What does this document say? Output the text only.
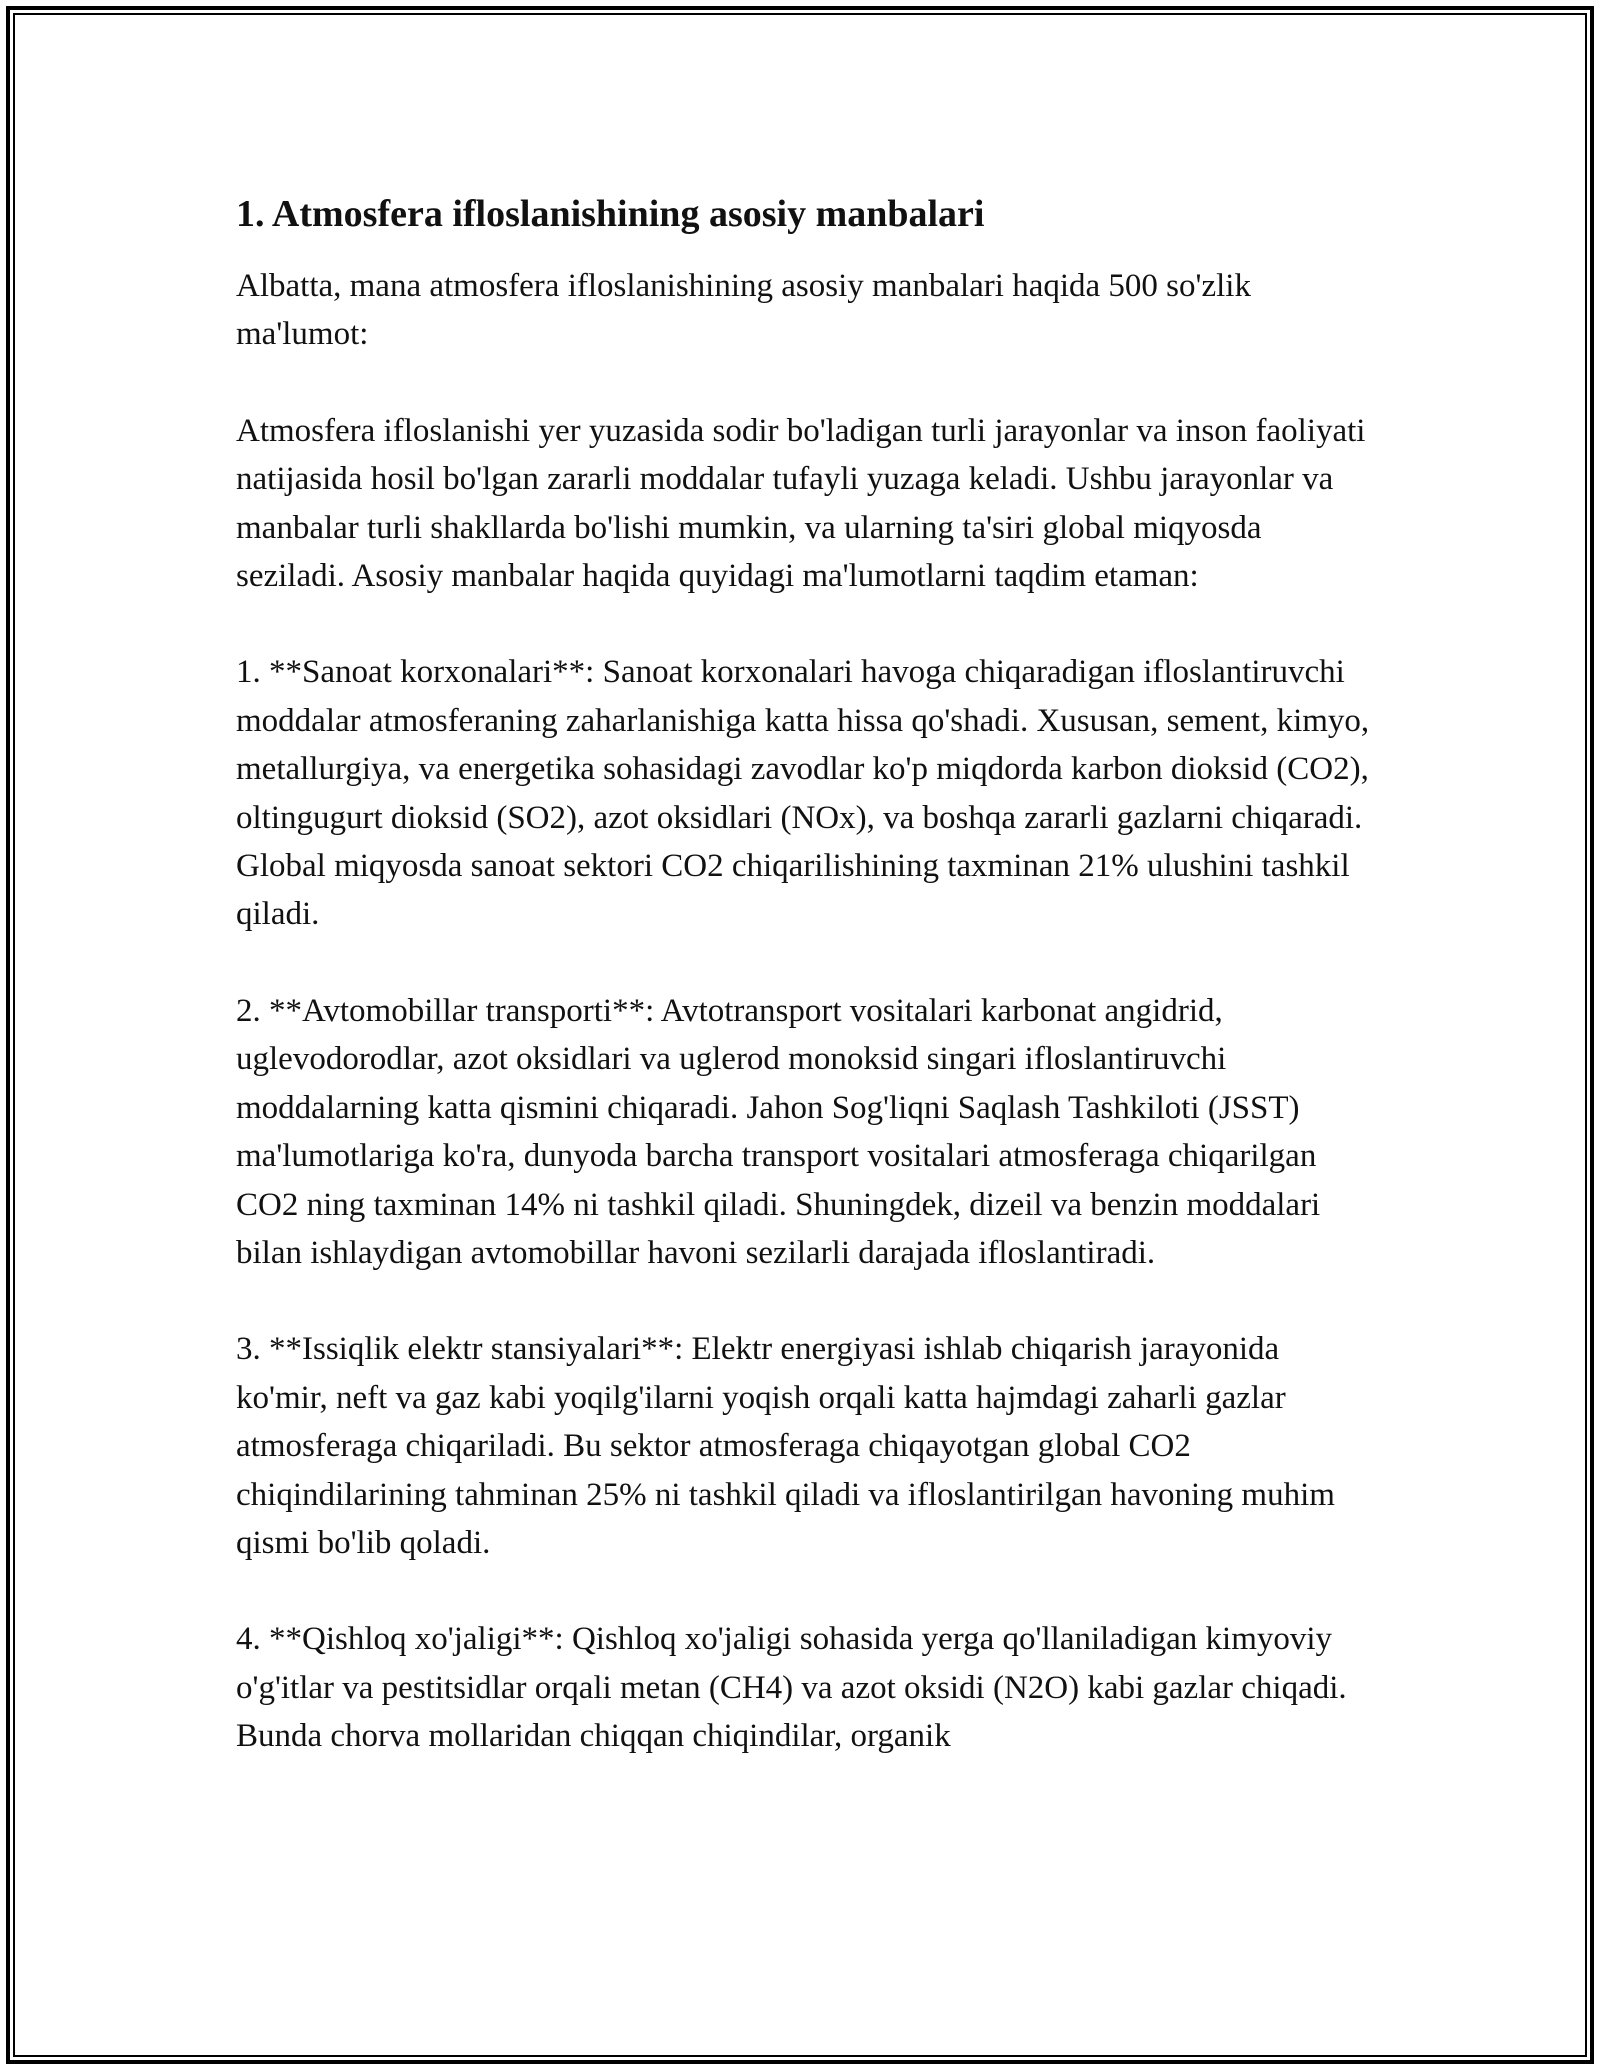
1. Atmosfera ifloslanishining asosiy manbalari

Albatta, mana atmosfera ifloslanishining asosiy manbalari haqida 500 so'zlik ma'lumot:

Atmosfera ifloslanishi yer yuzasida sodir bo'ladigan turli jarayonlar va inson faoliyati natijasida hosil bo'lgan zararli moddalar tufayli yuzaga keladi. Ushbu jarayonlar va manbalar turli shakllarda bo'lishi mumkin, va ularning ta'siri global miqyosda seziladi. Asosiy manbalar haqida quyidagi ma'lumotlarni taqdim etaman:

1. **Sanoat korxonalari**: Sanoat korxonalari havoga chiqaradigan ifloslantiruvchi moddalar atmosferaning zaharlanishiga katta hissa qo'shadi. Xususan, sement, kimyo, metallurgiya, va energetika sohasidagi zavodlar ko'p miqdorda karbon dioksid (CO2), oltingugurt dioksid (SO2), azot oksidlari (NOx), va boshqa zararli gazlarni chiqaradi. Global miqyosda sanoat sektori CO2 chiqarilishining taxminan 21% ulushini tashkil qiladi.

2. **Avtomobillar transporti**: Avtotransport vositalari karbonat angidrid, uglevodorodlar, azot oksidlari va uglerod monoksid singari ifloslantiruvchi moddalarning katta qismini chiqaradi. Jahon Sog'liqni Saqlash Tashkiloti (JSST) ma'lumotlariga ko'ra, dunyoda barcha transport vositalari atmosferaga chiqarilgan CO2 ning taxminan 14% ni tashkil qiladi. Shuningdek, dizeil va benzin moddalari bilan ishlaydigan avtomobillar havoni sezilarli darajada ifloslantiradi.

3. **Issiqlik elektr stansiyalari**: Elektr energiyasi ishlab chiqarish jarayonida ko'mir, neft va gaz kabi yoqilg'ilarni yoqish orqali katta hajmdagi zaharli gazlar atmosferaga chiqariladi. Bu sektor atmosferaga chiqayotgan global CO2 chiqindilarining tahminan 25% ni tashkil qiladi va ifloslantirilgan havoning muhim qismi bo'lib qoladi.

4. **Qishloq xo'jaligi**: Qishloq xo'jaligi sohasida yerga qo'llaniladigan kimyoviy o'g'itlar va pestitsidlar orqali metan (CH4) va azot oksidi (N2O) kabi gazlar chiqadi. Bunda chorva mollaridan chiqqan chiqindilar, organik
